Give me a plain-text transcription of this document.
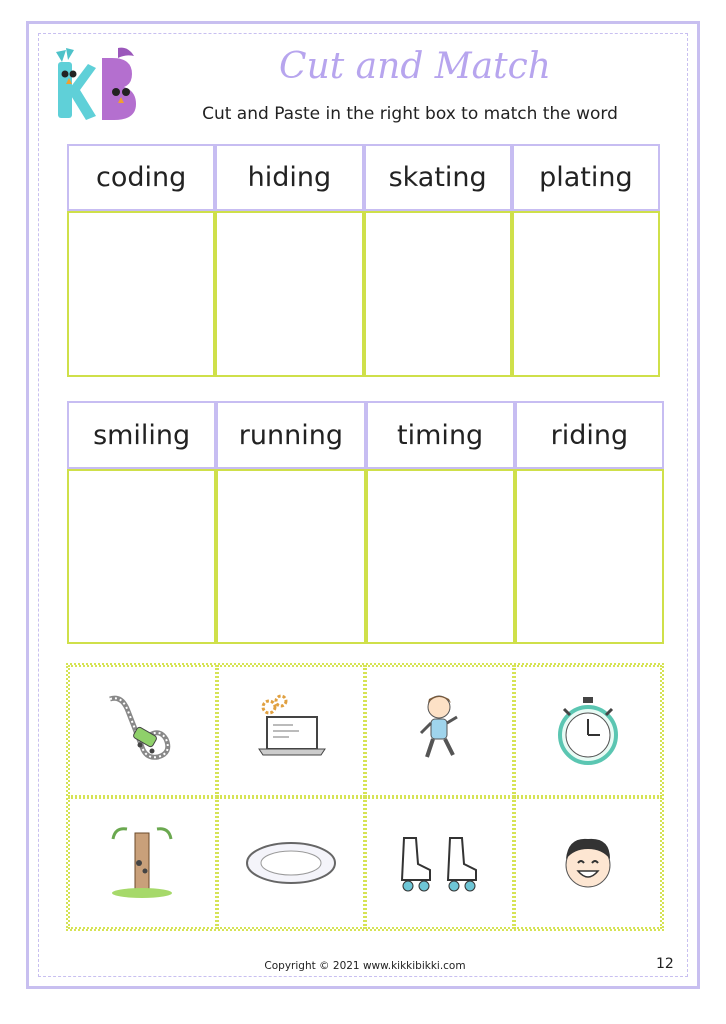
Cut and Match
Cut and Paste in the right box to match the word
coding	hiding	skating	plating
smiling	running	timing	riding
Copyright © 2021 www.kikkibikki.com	12
